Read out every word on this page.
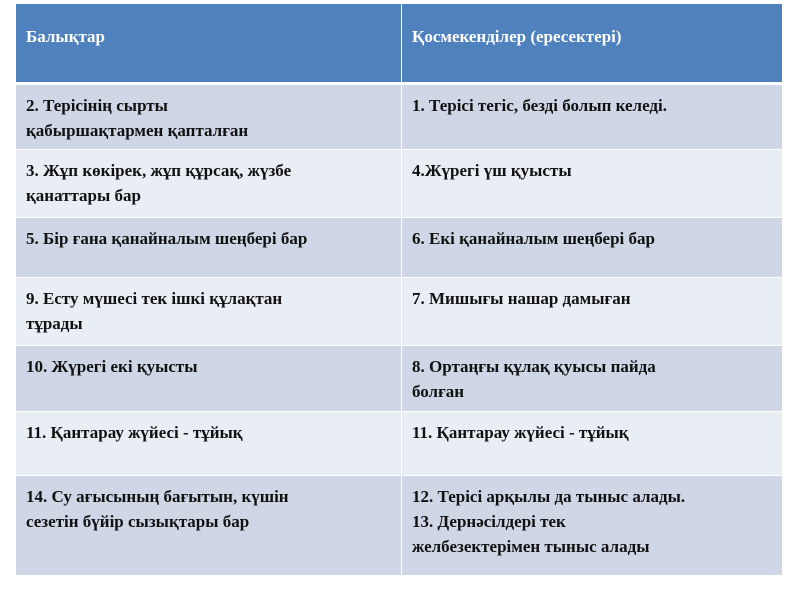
Балықтар	Қосмекенділер (ересектері)
2. Терісінің сырты
қабыршақтармен қапталған	1. Терісі тегіс, безді болып келеді.
3. Жұп көкірек, жұп құрсақ, жүзбе
қанаттары бар	4.Жүрегі үш қуысты
5. Бір ғана қанайналым шеңбері бар	6. Екі қанайналым шеңбері бар
9. Есту мүшесі тек ішкі құлақтан
тұрады	7. Мишығы нашар дамыған
10. Жүрегі екі қуысты	8. Ортаңғы құлақ қуысы пайда
болған
11. Қантарау жүйесі - тұйық	11. Қантарау жүйесі - тұйық
14. Су ағысының бағытын, күшін
сезетін бүйір сызықтары бар	12. Терісі арқылы да тыныс алады.
13. Дернәсілдері тек
желбезектерімен тыныс алады
